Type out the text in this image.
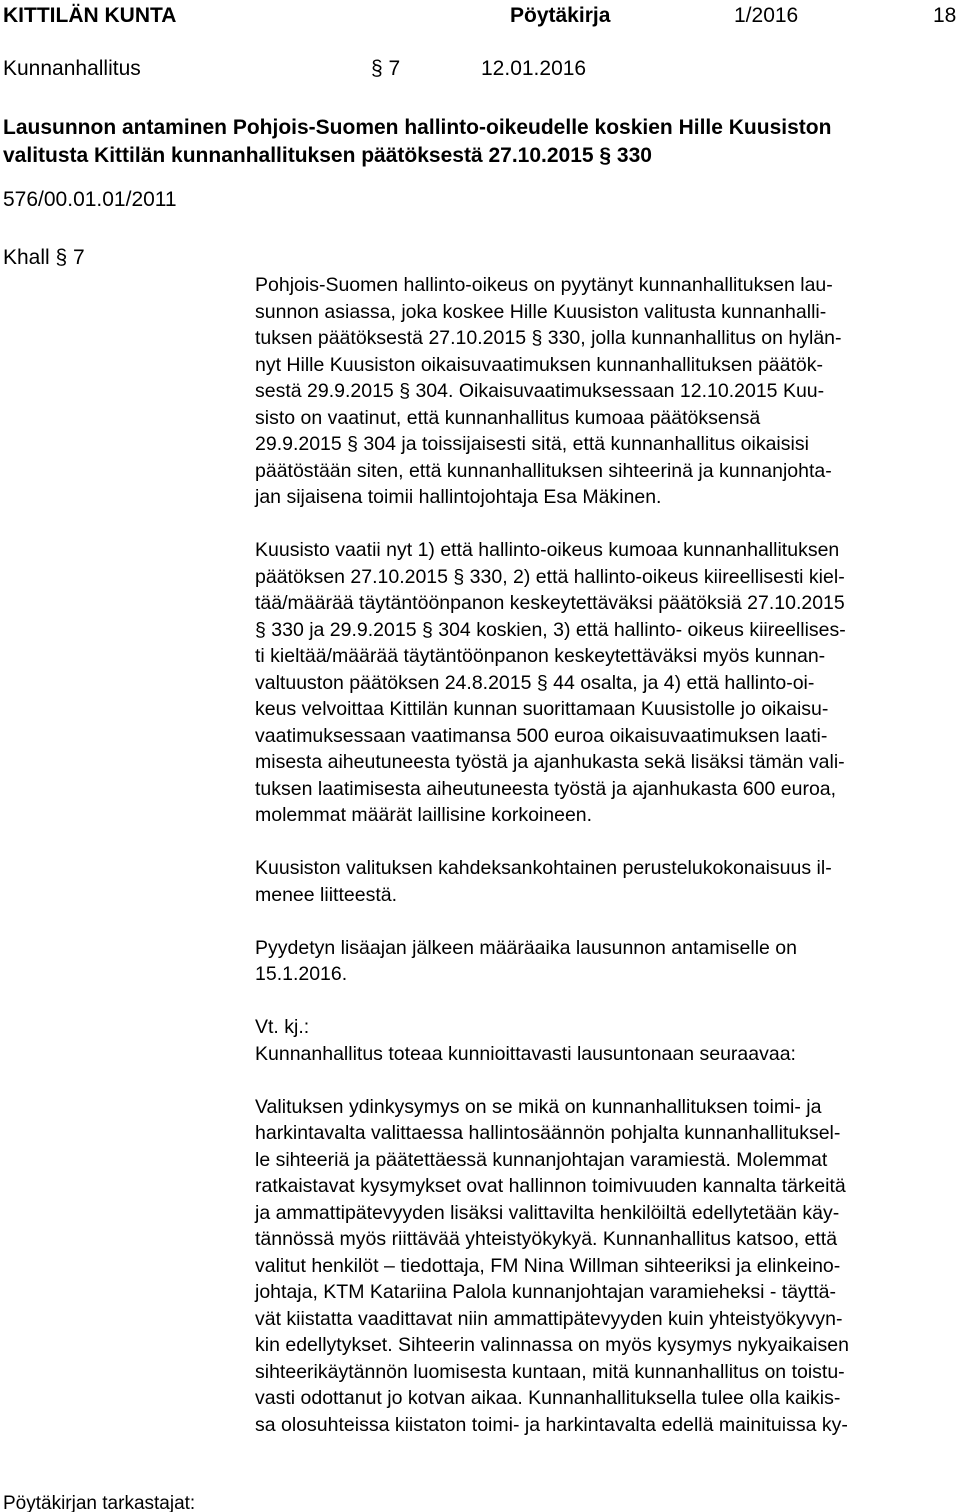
KITTILÄN KUNTA	Pöytäkirja	1/2016	18
Kunnanhallitus	§ 7	12.01.2016
Lausunnon antaminen Pohjois-Suomen hallinto-oikeudelle koskien Hille Kuusiston
valitusta Kittilän kunnanhallituksen päätöksestä 27.10.2015 § 330
576/00.01.01/2011
Khall § 7
Pohjois-Suomen hallinto-oikeus on pyytänyt kunnanhallituksen lau-
sunnon asiassa, joka koskee Hille Kuusiston valitusta kunnanhalli-
tuksen päätöksestä 27.10.2015 § 330, jolla kunnanhallitus on hylän-
nyt Hille Kuusiston oikaisuvaatimuksen kunnanhallituksen päätök-
sestä 29.9.2015 § 304. Oikaisuvaatimuksessaan 12.10.2015 Kuu-
sisto on vaatinut, että kunnanhallitus kumoaa päätöksensä
29.9.2015 § 304 ja toissijaisesti sitä, että kunnanhallitus oikaisisi
päätöstään siten, että kunnanhallituksen sihteerinä ja kunnanjohta-
jan sijaisena toimii hallintojohtaja Esa Mäkinen.
Kuusisto vaatii nyt 1) että hallinto-oikeus kumoaa kunnanhallituksen
päätöksen 27.10.2015 § 330, 2) että hallinto-oikeus kiireellisesti kiel-
tää/määrää täytäntöönpanon keskeytettäväksi päätöksiä 27.10.2015
§ 330 ja 29.9.2015 § 304 koskien, 3) että hallinto- oikeus kiireellises-
ti kieltää/määrää täytäntöönpanon keskeytettäväksi myös kunnan-
valtuuston päätöksen 24.8.2015 § 44 osalta, ja 4) että hallinto-oi-
keus velvoittaa Kittilän kunnan suorittamaan Kuusistolle jo oikaisu-
vaatimuksessaan vaatimansa 500 euroa oikaisuvaatimuksen laati-
misesta aiheutuneesta työstä ja ajanhukasta sekä lisäksi tämän vali-
tuksen laatimisesta aiheutuneesta työstä ja ajanhukasta 600 euroa,
molemmat määrät laillisine korkoineen.
Kuusiston valituksen kahdeksankohtainen perustelukokonaisuus il-
menee liitteestä.
Pyydetyn lisäajan jälkeen määräaika lausunnon antamiselle on
15.1.2016.
Vt. kj.:
Kunnanhallitus toteaa kunnioittavasti lausuntonaan seuraavaa:
Valituksen ydinkysymys on se mikä on kunnanhallituksen toimi- ja
harkintavalta valittaessa hallintosäännön pohjalta kunnanhallituksel-
le sihteeriä ja päätettäessä kunnanjohtajan varamiestä. Molemmat
ratkaistavat kysymykset ovat hallinnon toimivuuden kannalta tärkeitä
ja ammattipätevyyden lisäksi valittavilta henkilöiltä edellytetään käy-
tännössä myös riittävää yhteistyökykyä. Kunnanhallitus katsoo, että
valitut henkilöt – tiedottaja, FM Nina Willman sihteeriksi ja elinkeino-
johtaja, KTM Katariina Palola kunnanjohtajan varamieheksi - täyttä-
vät kiistatta vaadittavat niin ammattipätevyyden kuin yhteistyökyvyn-
kin edellytykset. Sihteerin valinnassa on myös kysymys nykyaikaisen
sihteerikäytännön luomisesta kuntaan, mitä kunnanhallitus on toistu-
vasti odottanut jo kotvan aikaa. Kunnanhallituksella tulee olla kaikis-
sa olosuhteissa kiistaton toimi- ja harkintavalta edellä mainituissa ky-
Pöytäkirjan tarkastajat:
